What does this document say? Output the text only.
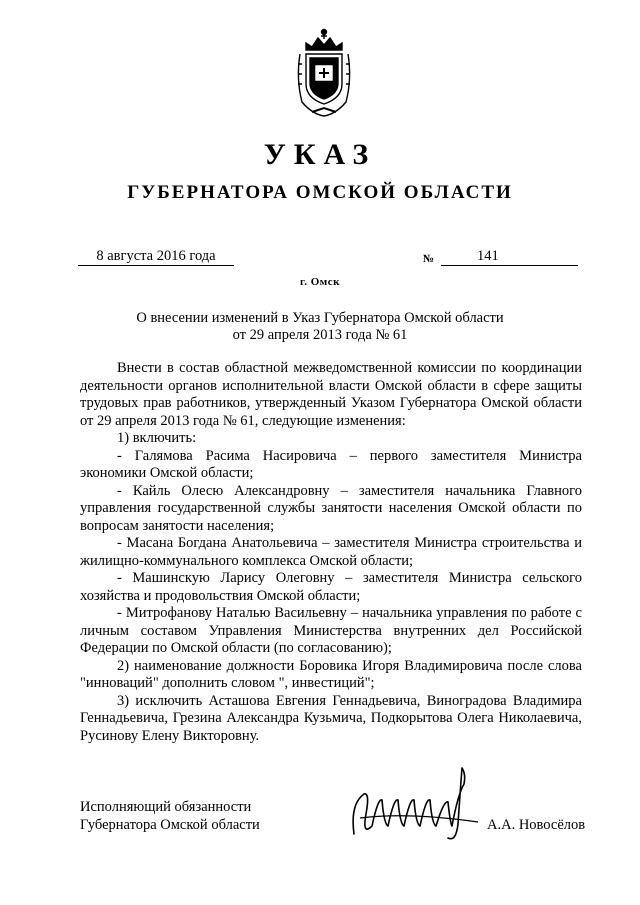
УКАЗ
ГУБЕРНАТОРА ОМСКОЙ ОБЛАСТИ
8 августа 2016 года	№	141
г. Омск
О внесении изменений в Указ Губернатора Омской области
от 29 апреля 2013 года № 61

Внести в состав областной межведомственной комиссии по координации деятельности органов исполнительной власти Омской области в сфере защиты трудовых прав работников, утвержденный Указом Губернатора Омской области от 29 апреля 2013 года № 61, следующие изменения:

1) включить:

- Галямова Расима Насировича – первого заместителя Министра экономики Омской области;

- Кайль Олесю Александровну – заместителя начальника Главного управления государственной службы занятости населения Омской области по вопросам занятости населения;

- Масана Богдана Анатольевича – заместителя Министра строительства и жилищно-коммунального комплекса Омской области;

- Машинскую Ларису Олеговну – заместителя Министра сельского хозяйства и продовольствия Омской области;

- Митрофанову Наталью Васильевну – начальника управления по работе с личным составом Управления Министерства внутренних дел Российской Федерации по Омской области (по согласованию);

2) наименование должности Боровика Игоря Владимировича после слова "инноваций" дополнить словом ", инвестиций";

3) исключить Асташова Евгения Геннадьевича, Виноградова Владимира Геннадьевича, Грезина Александра Кузьмича, Подкорытова Олега Николаевича, Русинову Елену Викторовну.

Исполняющий обязанности
Губернатора Омской области	А.А. Новосёлов
